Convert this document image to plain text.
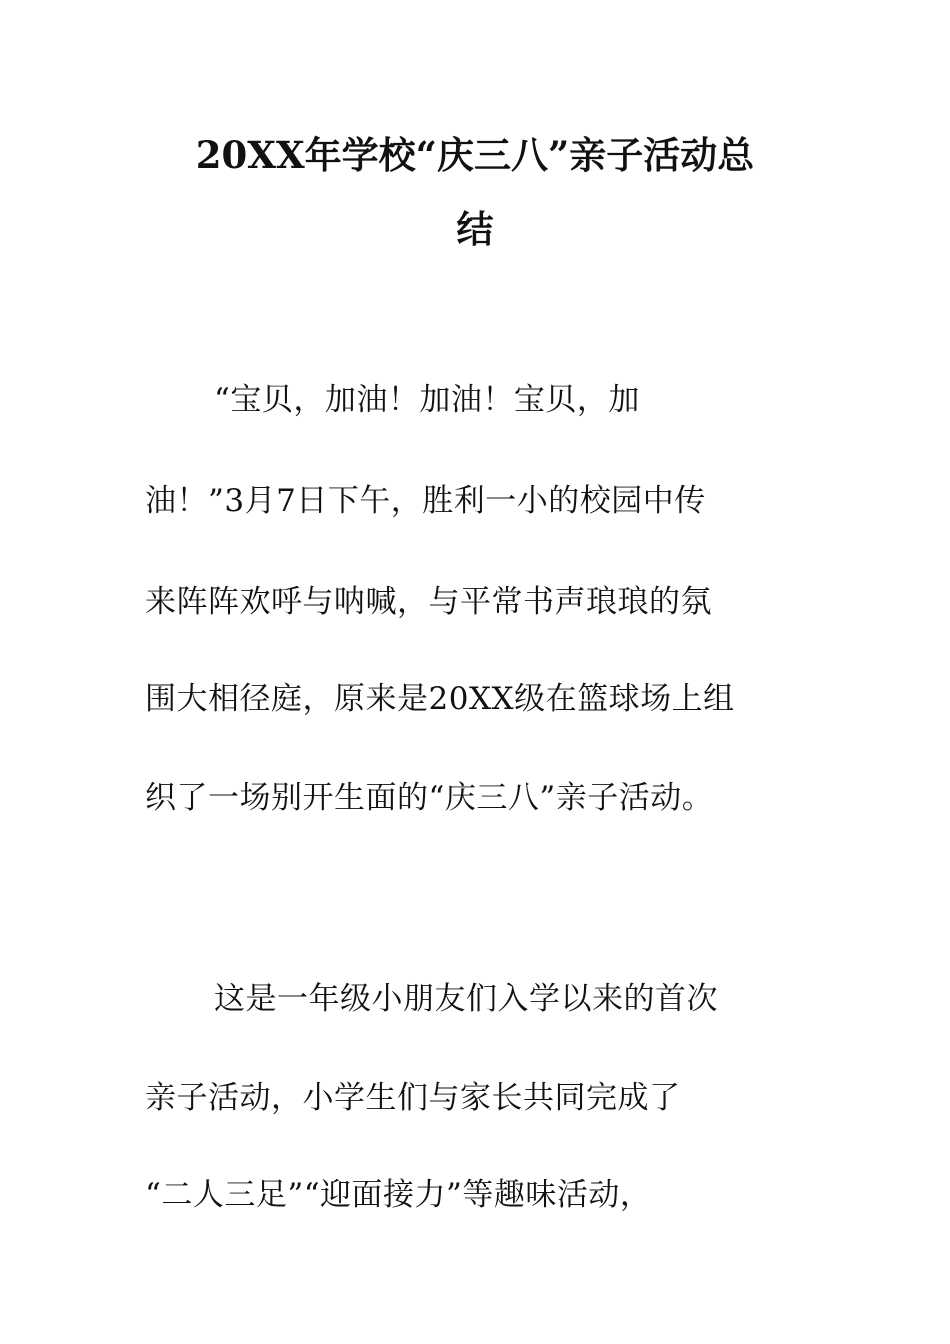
20XX年学校“庆三八”亲子活动总
结
“宝贝，加油！加油！宝贝，加
油！”3月7日下午，胜利一小的校园中传
来阵阵欢呼与呐喊，与平常书声琅琅的氛
围大相径庭，原来是20XX级在篮球场上组
织了一场别开生面的“庆三八”亲子活动。
这是一年级小朋友们入学以来的首次
亲子活动，小学生们与家长共同完成了
“二人三足”“迎面接力”等趣味活动，
